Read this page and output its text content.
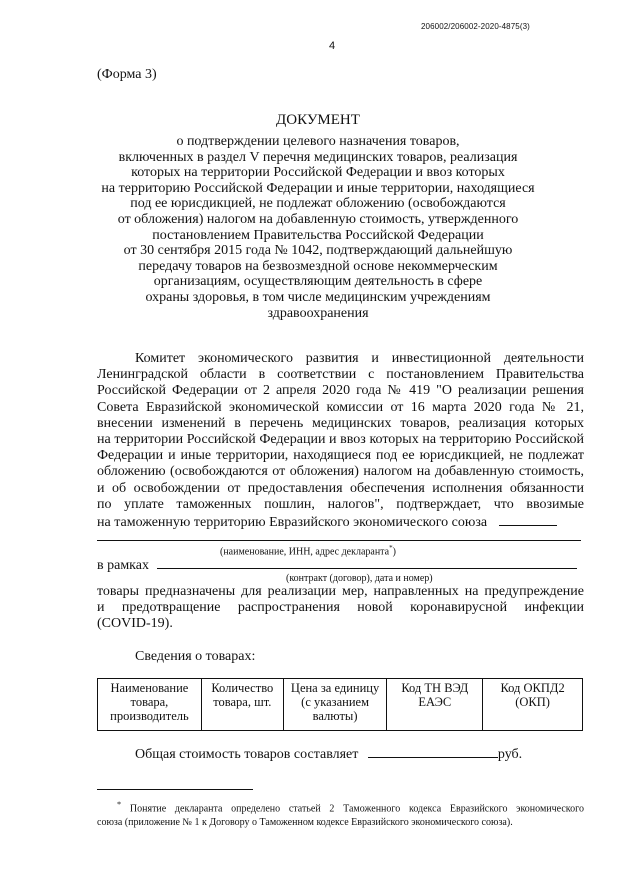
206002/206002-2020-4875(3)
4
(Форма 3)
ДОКУМЕНТ
о подтверждении целевого назначения товаров,
включенных в раздел V перечня медицинских товаров, реализация
которых на территории Российской Федерации и ввоз которых
на территорию Российской Федерации и иные территории, находящиеся
под ее юрисдикцией, не подлежат обложению (освобождаются
от обложения) налогом на добавленную стоимость, утвержденного
постановлением Правительства Российской Федерации
от 30 сентября 2015 года № 1042, подтверждающий дальнейшую
передачу товаров на безвозмездной основе некоммерческим
организациям, осуществляющим деятельность в сфере
охраны здоровья, в том числе медицинским учреждениям
здравоохранения
Комитет экономического развития и инвестиционной деятельности
Ленинградской области в соответствии с постановлением Правительства
Российской Федерации от 2 апреля 2020 года № 419 "О реализации решения
Совета Евразийской экономической комиссии от 16 марта 2020 года № 21,
внесении изменений в перечень медицинских товаров, реализация которых
на территории Российской Федерации и ввоз которых на территорию Российской
Федерации и иные территории, находящиеся под ее юрисдикцией, не подлежат
обложению (освобождаются от обложения) налогом на добавленную стоимость,
и об освобождении от предоставления обеспечения исполнения обязанности
по уплате таможенных пошлин, налогов", подтверждает, что ввозимые
на таможенную территорию Евразийского экономического союза
(наименование, ИНН, адрес декларанта*)
в рамках
(контракт (договор), дата и номер)
товары предназначены для реализации мер, направленных на предупреждение
и предотвращение распространения новой коронавирусной инфекции
(COVID-19).
Сведения о товарах:
Наименование товара, производитель	Количество товара, шт.	Цена за единицу (с указанием валюты)	Код ТН ВЭД ЕАЭС	Код ОКПД2 (ОКП)
Общая стоимость товаров составляет	руб.
* Понятие декларанта определено статьей 2 Таможенного кодекса Евразийского экономического
союза (приложение № 1 к Договору о Таможенном кодексе Евразийского экономического союза).
